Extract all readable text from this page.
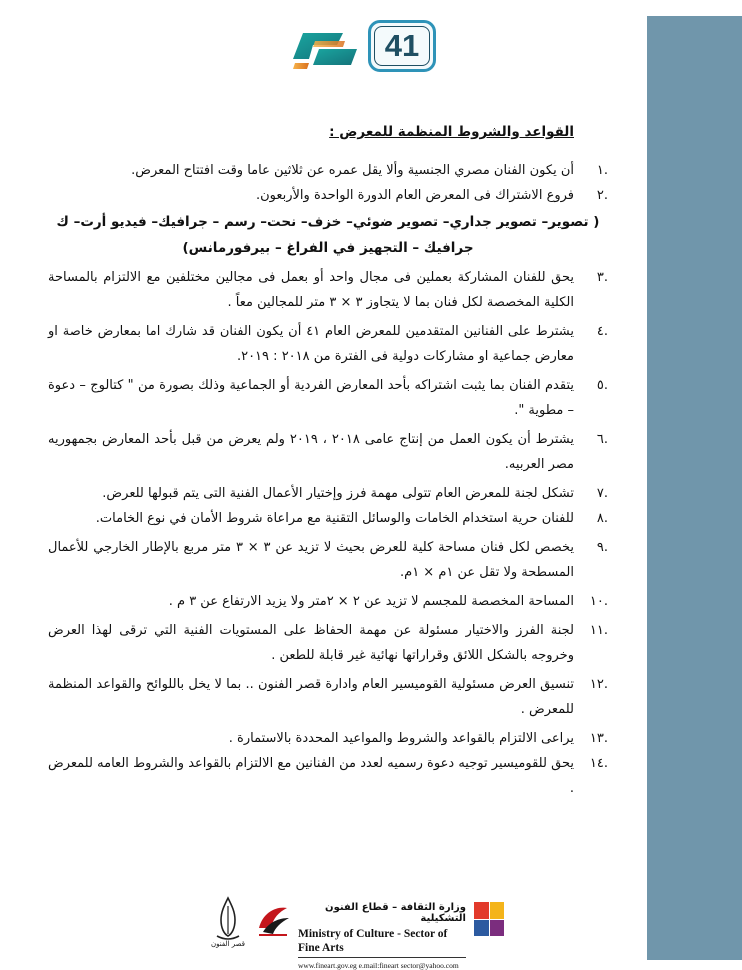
41
القواعد والشروط المنظمة للمعرض :
.١
أن يكون الفنان مصري الجنسية وألا يقل عمره عن ثلاثين عاما وقت افتتاح المعرض.
.٢
فروع الاشتراك فى المعرض العام الدورة الواحدة والأربعون.
( تصوير– تصوير جداري– تصوير ضوئي– خزف– نحت– رسم – جرافيك– فيديو أرت– ك جرافيك – التجهيز في الفراغ – بيرفورمانس)
.٣
يحق للفنان المشاركة بعملين فى مجال واحد أو بعمل فى مجالين مختلفين مع الالتزام بالمساحة الكلية المخصصة لكل فنان بما لا يتجاوز ٣ × ٣ متر للمجالين معاً .
.٤
يشترط على الفنانين المتقدمين للمعرض العام ٤١ أن يكون الفنان قد شارك اما بمعارض خاصة او معارض جماعية او مشاركات دولية فى الفترة من ٢٠١٨ : ٢٠١٩.
.٥
يتقدم الفنان بما يثبت اشتراكه بأحد المعارض الفردية أو الجماعية وذلك بصورة من " كتالوج – دعوة – مطوية ".
.٦
يشترط أن يكون العمل من إنتاج عامى ٢٠١٨ ، ٢٠١٩ ولم يعرض من قبل بأحد المعارض بجمهوريه مصر العربيه.
.٧
تشكل لجنة للمعرض العام تتولى مهمة فرز وإختيار الأعمال الفنية التى يتم قبولها للعرض.
.٨
للفنان حرية استخدام الخامات والوسائل التقنية مع مراعاة شروط الأمان في نوع الخامات.
.٩
يخصص لكل فنان مساحة كلية للعرض بحيث لا تزيد عن ٣ × ٣ متر مربع بالإطار الخارجي للأعمال المسطحة ولا تقل عن ١م × ١م.
.١٠
المساحة المخصصة للمجسم لا تزيد عن ٢ × ٢متر ولا يزيد الارتفاع عن ٣ م .
.١١
لجنة الفرز والاختيار مسئولة عن مهمة الحفاظ على المستويات الفنية التي ترقى لهذا العرض وخروجه بالشكل اللائق وقراراتها نهائية غير قابلة للطعن .
.١٢
تنسيق العرض مسئولية القوميسير العام وادارة قصر الفنون .. بما لا يخل باللوائح والقواعد المنظمة للمعرض .
.١٣
يراعى الالتزام بالقواعد والشروط والمواعيد المحددة بالاستمارة .
.١٤
يحق للقوميسير توجيه دعوة رسميه لعدد من الفنانين مع الالتزام بالقواعد والشروط العامه للمعرض .
قصر الفنون
وزارة الثقافة – قطاع الفنون التشكيلية
Ministry of Culture - Sector of Fine Arts
www.fineart.gov.eg e.mail:fineart sector@yahoo.com
